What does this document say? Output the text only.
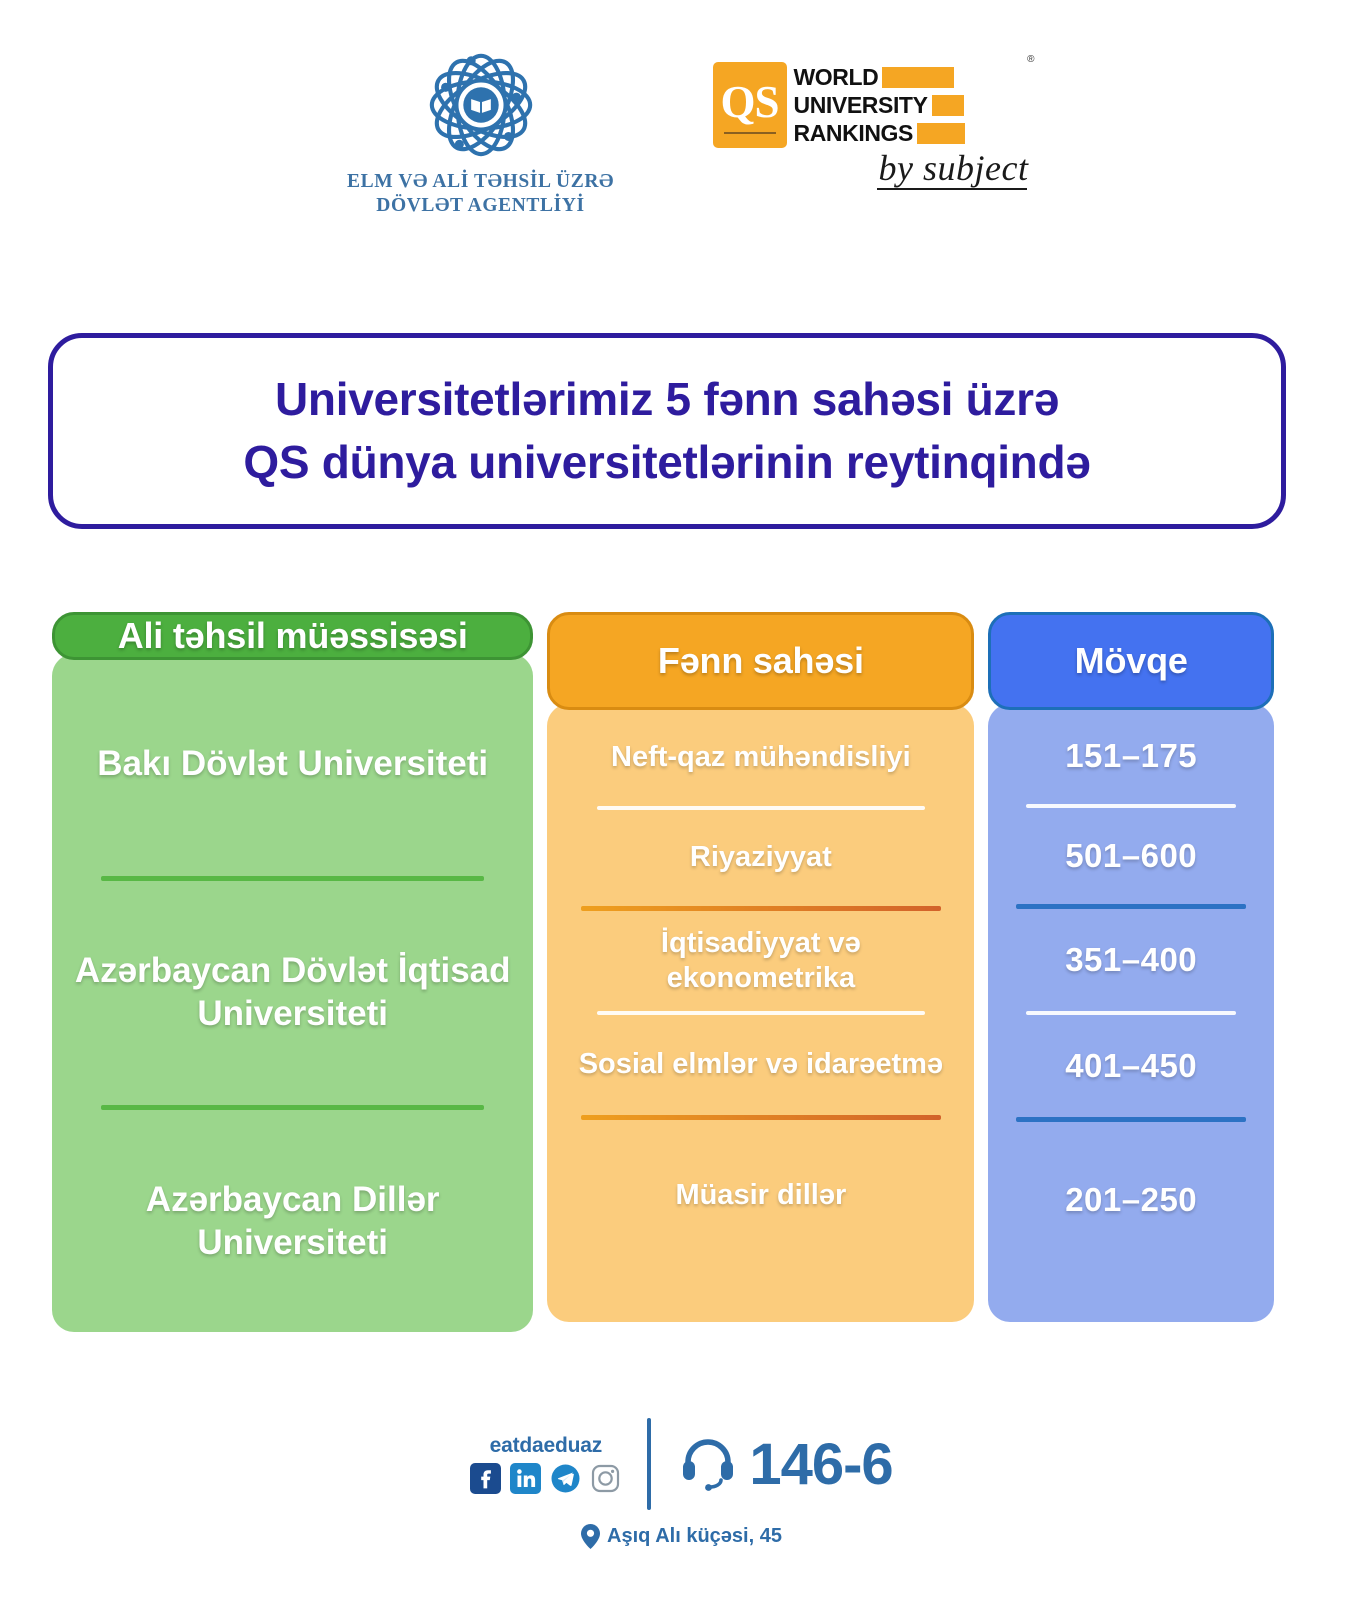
ELM VƏ ALİ TƏHSİL ÜZRƏ
DÖVLƏT AGENTLİYİ
®
QS WORLD
UNIVERSITY
RANKINGS
by subject
Universitetlərimiz 5 fənn sahəsi üzrə
QS dünya universitetlərinin reytinqində
Ali təhsil müəssisəsi
Bakı Dövlət Universiteti
Azərbaycan Dövlət İqtisad Universiteti
Azərbaycan Dillər Universiteti
Fənn sahəsi
Neft-qaz mühəndisliyi
Riyaziyyat
İqtisadiyyat və ekonometrika
Sosial elmlər və idarəetmə
Müasir dillər
Mövqe
151–175
501–600
351–400
401–450
201–250
eatdaeduaz	146-6
Aşıq Alı küçəsi, 45
